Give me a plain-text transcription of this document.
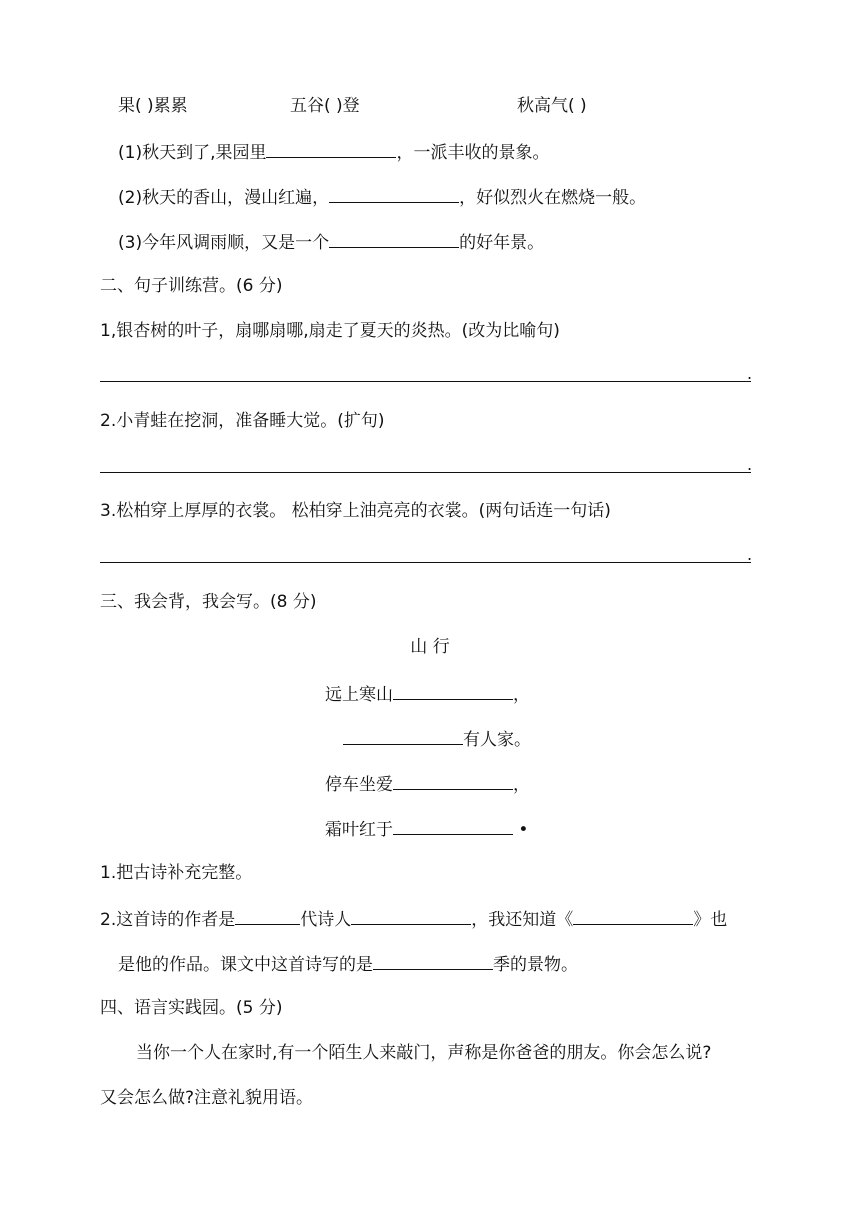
果( )累累	五谷( )登	秋高气( )
(1)秋天到了,果园里	，一派丰收的景象。
(2)秋天的香山，漫山红遍，	，好似烈火在燃烧一般。
(3)今年风调雨顺，又是一个	的好年景。
二、句子训练营。(6 分)
1,银杏树的叶子，扇哪扇哪,扇走了夏天的炎热。(改为比喻句)
.
2.小青蛙在挖洞，准备睡大觉。(扩句)
.
3.松柏穿上厚厚的衣裳。 松柏穿上油亮亮的衣裳。(两句话连一句话)
.
三、我会背，我会写。(8 分)
山 行
远上寒山	，
有人家。
停车坐爱	，
霜叶红于	•
1.把古诗补充完整。
2.这首诗的作者是	代诗人	，我还知道《	》也
是他的作品。课文中这首诗写的是	季的景物。
四、语言实践园。(5 分)
当你一个人在家时,有一个陌生人来敲门，声称是你爸爸的朋友。你会怎么说?
又会怎么做?注意礼貌用语。
